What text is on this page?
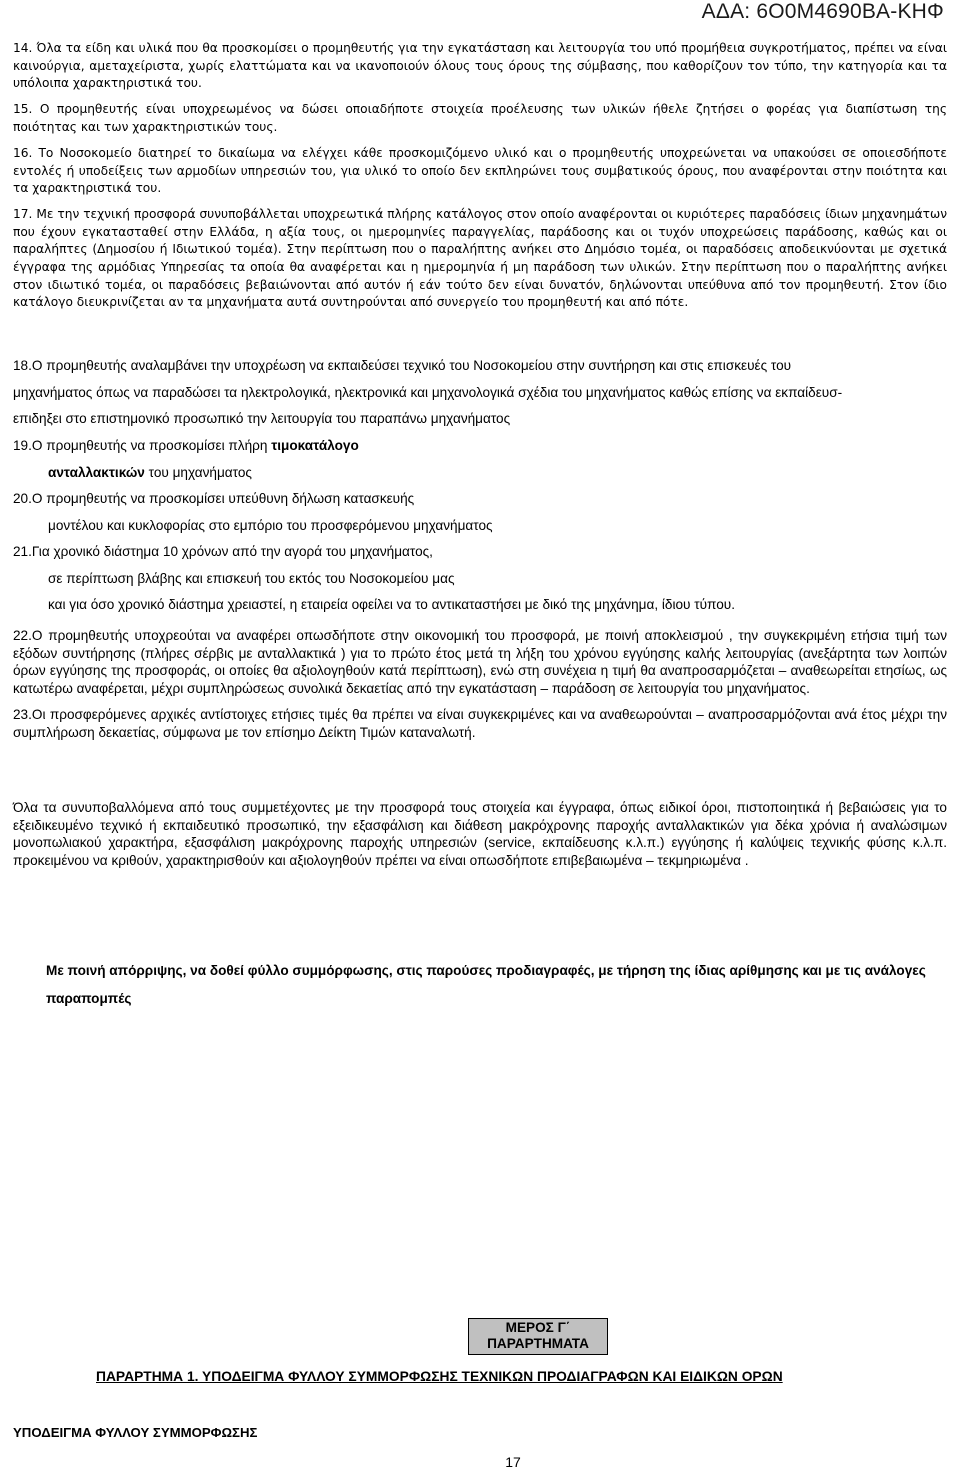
ΑΔΑ: 6Ο0Μ4690ΒΑ-ΚΗΦ

14. Όλα τα είδη και υλικά που θα προσκομίσει ο προμηθευτής για την εγκατάσταση και λειτουργία του υπό προμήθεια συγκροτήματος, πρέπει να είναι καινούργια, αμεταχείριστα, χωρίς ελαττώματα και να ικανοποιούν όλους τους όρους της σύμβασης, που καθορίζουν τον τύπο, την κατηγορία και τα υπόλοιπα χαρακτηριστικά του.

15. Ο προμηθευτής είναι υποχρεωμένος να δώσει οποιαδήποτε στοιχεία προέλευσης των υλικών ήθελε ζητήσει ο φορέας για διαπίστωση της ποιότητας και των χαρακτηριστικών τους.

16. Το Νοσοκομείο διατηρεί το δικαίωμα να ελέγχει κάθε προσκομιζόμενο υλικό και ο προμηθευτής υποχρεώνεται να υπακούσει σε οποιεσδήποτε εντολές ή υποδείξεις των αρμοδίων υπηρεσιών του, για υλικό το οποίο δεν εκπληρώνει τους συμβατικούς όρους, που αναφέρονται στην ποιότητα και τα χαρακτηριστικά του.

17. Με την τεχνική προσφορά συνυποβάλλεται υποχρεωτικά πλήρης κατάλογος στον οποίο αναφέρονται οι κυριότερες παραδόσεις ίδιων μηχανημάτων που έχουν εγκατασταθεί στην Ελλάδα, η αξία τους, οι ημερομηνίες παραγγελίας, παράδοσης και οι τυχόν υποχρεώσεις παράδοσης, καθώς και οι παραλήπτες (Δημοσίου ή Ιδιωτικού τομέα). Στην περίπτωση που ο παραλήπτης ανήκει στο Δημόσιο τομέα, οι παραδόσεις αποδεικνύονται με σχετικά έγγραφα της αρμόδιας Υπηρεσίας τα οποία θα αναφέρεται και η ημερομηνία ή μη παράδοση των υλικών. Στην περίπτωση που ο παραλήπτης ανήκει στον ιδιωτικό τομέα, οι παραδόσεις βεβαιώνονται από αυτόν ή εάν τούτο δεν είναι δυνατόν, δηλώνονται υπεύθυνα από τον προμηθευτή. Στον ίδιο κατάλογο διευκρινίζεται αν τα μηχανήματα αυτά συντηρούνται από συνεργείο του προμηθευτή και από πότε.

18.Ο προμηθευτής αναλαμβάνει την υποχρέωση να εκπαιδεύσει τεχνικό του Νοσοκομείου στην συντήρηση και στις επισκευές του
μηχανήματος όπως να παραδώσει τα ηλεκτρολογικά, ηλεκτρονικά και μηχανολογικά σχέδια του μηχανήματος καθώς επίσης να εκπαίδευσ-
επιδηξει στο επιστημονικό προσωπικό την λειτουργία του παραπάνω μηχανήματος
19.Ο προμηθευτής να προσκομίσει πλήρη τιμοκατάλογο
ανταλλακτικών του μηχανήματος
20.Ο προμηθευτής να προσκομίσει υπεύθυνη δήλωση κατασκευής
μοντέλου και κυκλοφορίας στο εμπόριο του προσφερόμενου μηχανήματος
21.Για χρονικό διάστημα 10 χρόνων από την αγορά του μηχανήματος,
σε περίπτωση βλάβης και επισκευή του εκτός του Νοσοκομείου μας
και για όσο χρονικό διάστημα χρειαστεί, η εταιρεία οφείλει να το αντικαταστήσει με δικό της μηχάνημα, ίδιου τύπου.

22.Ο προμηθευτής υποχρεούται να αναφέρει οπωσδήποτε στην οικονομική του προσφορά, με ποινή αποκλεισμού , την συγκεκριμένη ετήσια τιμή των εξόδων συντήρησης (πλήρες σέρβις με ανταλλακτικά ) για το πρώτο έτος μετά τη λήξη του χρόνου εγγύησης καλής λειτουργίας (ανεξάρτητα των λοιπών όρων εγγύησης της προσφοράς, οι οποίες θα αξιολογηθούν κατά περίπτωση), ενώ στη συνέχεια η τιμή θα αναπροσαρμόζεται – αναθεωρείται ετησίως, ως κατωτέρω αναφέρεται, μέχρι συμπληρώσεως συνολικά δεκαετίας από την εγκατάσταση – παράδοση σε λειτουργία του μηχανήματος.

23.Οι προσφερόμενες αρχικές αντίστοιχες ετήσιες τιμές θα πρέπει να είναι συγκεκριμένες και να αναθεωρούνται – αναπροσαρμόζονται ανά έτος μέχρι την συμπλήρωση δεκαετίας, σύμφωνα με τον επίσημο Δείκτη Τιμών καταναλωτή.

Όλα τα συνυποβαλλόμενα από τους συμμετέχοντες με την προσφορά τους στοιχεία και έγγραφα, όπως ειδικοί όροι, πιστοποιητικά ή βεβαιώσεις για το εξειδικευμένο τεχνικό ή εκπαιδευτικό προσωπικό, την εξασφάλιση και διάθεση μακρόχρονης παροχής ανταλλακτικών για δέκα χρόνια ή αναλώσιμων μονοπωλιακού χαρακτήρα, εξασφάλιση μακρόχρονης παροχής υπηρεσιών (service, εκπαίδευσης κ.λ.π.) εγγύησης ή καλύψεις τεχνικής φύσης κ.λ.π. προκειμένου να κριθούν, χαρακτηρισθούν και αξιολογηθούν πρέπει να είναι οπωσδήποτε επιβεβαιωμένα – τεκμηριωμένα .

Με ποινή απόρριψης, να δοθεί φύλλο συμμόρφωσης, στις παρούσες προδιαγραφές, με τήρηση της ίδιας αρίθμησης και με τις ανάλογες παραπομπές

ΜΕΡΟΣ Γ΄
ΠΑΡΑΡΤΗΜΑΤΑ
ΠΑΡΑΡΤΗΜΑ 1. ΥΠΟΔΕΙΓΜΑ ΦΥΛΛΟΥ ΣΥΜΜΟΡΦΩΣΗΣ ΤΕΧΝΙΚΩΝ ΠΡΟΔΙΑΓΡΑΦΩΝ ΚΑΙ ΕΙΔΙΚΩΝ ΟΡΩΝ
ΥΠΟΔΕΙΓΜΑ ΦΥΛΛΟΥ ΣΥΜΜΟΡΦΩΣΗΣ
17
